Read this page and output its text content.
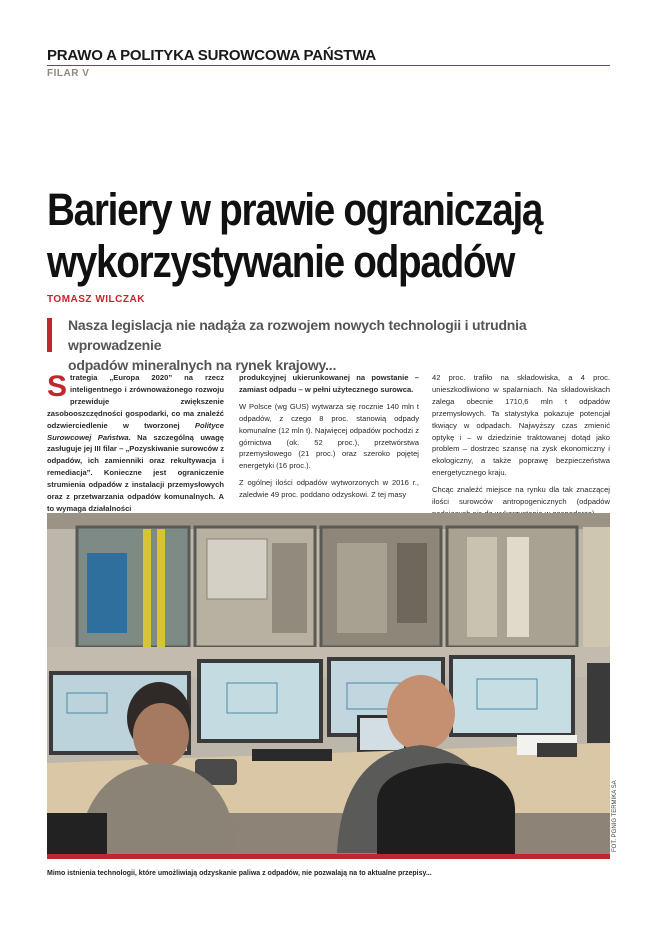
PRAWO A POLITYKA SUROWCOWA PAŃSTWA
FILAR V
Bariery w prawie ograniczają
wykorzystywanie odpadów
TOMASZ WILCZAK
Nasza legislacja nie nadąża za rozwojem nowych technologii i utrudnia wprowadzenie
odpadów mineralnych na rynek krajowy...

Strategia „Europa 2020” na rzecz inteligentnego i zrównoważonego rozwoju przewiduje zwiększenie zasobooszczędności gospodarki, co ma znaleźć odzwierciedlenie w tworzonej Polityce Surowcowej Państwa. Na szczególną uwagę zasługuje jej III filar – „Pozyskiwanie surowców z odpadów, ich zamienniki oraz rekultywacja i remediacja”. Konieczne jest ograniczenie strumienia odpadów z instalacji przemysłowych oraz z przetwarzania odpadów komunalnych. A to wymaga działalności

produkcyjnej ukierunkowanej na powstanie – zamiast odpadu – w pełni użytecznego surowca.

W Polsce (wg GUS) wytwarza się rocznie 140 mln t odpadów, z czego 8 proc. stanowią odpady komunalne (12 mln t). Najwięcej odpadów pochodzi z górnictwa (ok. 52 proc.), przetwórstwa przemysłowego (21 proc.) oraz szeroko pojętej energetyki (16 proc.).

Z ogólnej ilości odpadów wytworzonych w 2016 r., zaledwie 49 proc. poddano odzyskowi. Z tej masy

42 proc. trafiło na składowiska, a 4 proc. unieszkodliwiono w spalarniach. Na składowiskach zalega obecnie 1710,6 mln t odpadów przemysłowych. Ta statystyka pokazuje potencjał tkwiący w odpadach. Najwyższy czas zmienić optykę i – w dziedzinie traktowanej dotąd jako problem – dostrzec szansę na zysk ekonomiczny i ekologiczny, a także poprawę bezpieczeństwa energetycznego kraju.

Chcąc znaleźć miejsce na rynku dla tak znaczącej ilości surowców antropogenicznych (odpadów

FOT. PGNIG TERMIKA SA
Mimo istnienia technologii, które umożliwiają odzyskanie paliwa z odpadów, nie pozwalają na to aktualne przepisy...
